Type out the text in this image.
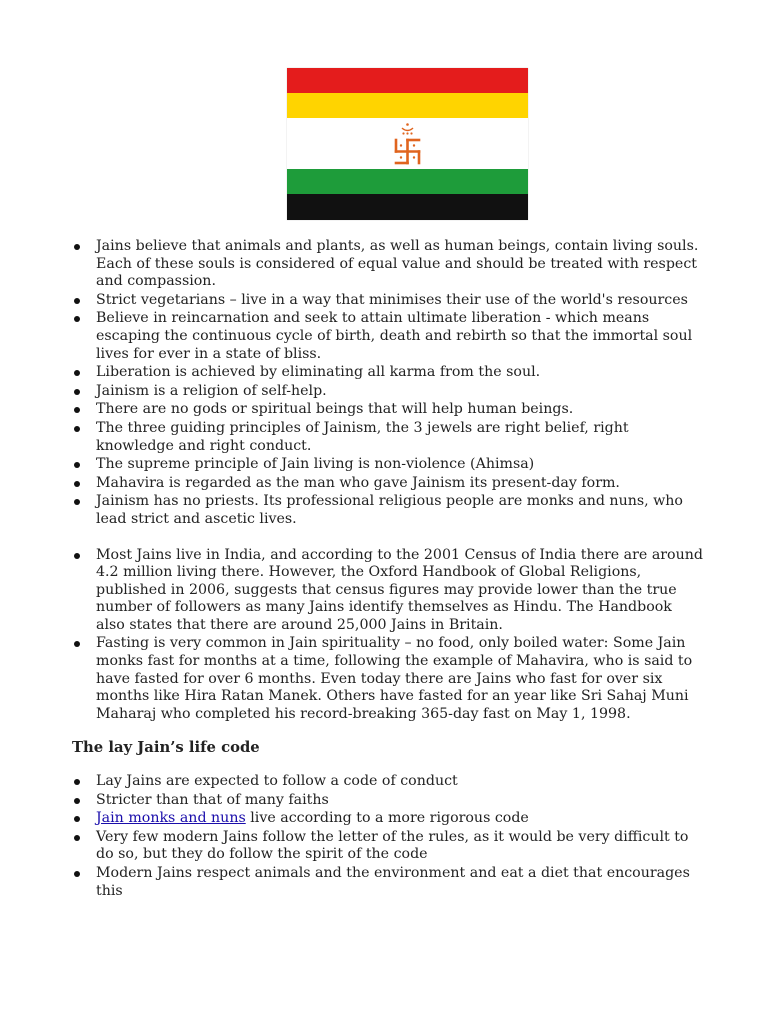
Jains believe that animals and plants, as well as human beings, contain living souls. Each of these souls is considered of equal value and should be treated with respect and compassion.
Strict vegetarians – live in a way that minimises their use of the world's resources
Believe in reincarnation and seek to attain ultimate liberation - which means escaping the continuous cycle of birth, death and rebirth so that the immortal soul lives for ever in a state of bliss.
Liberation is achieved by eliminating all karma from the soul.
Jainism is a religion of self-help.
There are no gods or spiritual beings that will help human beings.
The three guiding principles of Jainism, the 3 jewels are right belief, right knowledge and right conduct.
The supreme principle of Jain living is non-violence (Ahimsa)
Mahavira is regarded as the man who gave Jainism its present-day form.
Jainism has no priests. Its professional religious people are monks and nuns, who lead strict and ascetic lives.
Most Jains live in India, and according to the 2001 Census of India there are around 4.2 million living there. However, the Oxford Handbook of Global Religions, published in 2006, suggests that census figures may provide lower than the true number of followers as many Jains identify themselves as Hindu. The Handbook also states that there are around 25,000 Jains in Britain.
Fasting is very common in Jain spirituality – no food, only boiled water: Some Jain monks fast for months at a time, following the example of Mahavira, who is said to have fasted for over 6 months. Even today there are Jains who fast for over six months like Hira Ratan Manek. Others have fasted for an year like Sri Sahaj Muni Maharaj who completed his record-breaking 365-day fast on May 1, 1998.
The lay Jain’s life code
Lay Jains are expected to follow a code of conduct
Stricter than that of many faiths
Jain monks and nuns live according to a more rigorous code
Very few modern Jains follow the letter of the rules, as it would be very difficult to do so, but they do follow the spirit of the code
Modern Jains respect animals and the environment and eat a diet that encourages this
